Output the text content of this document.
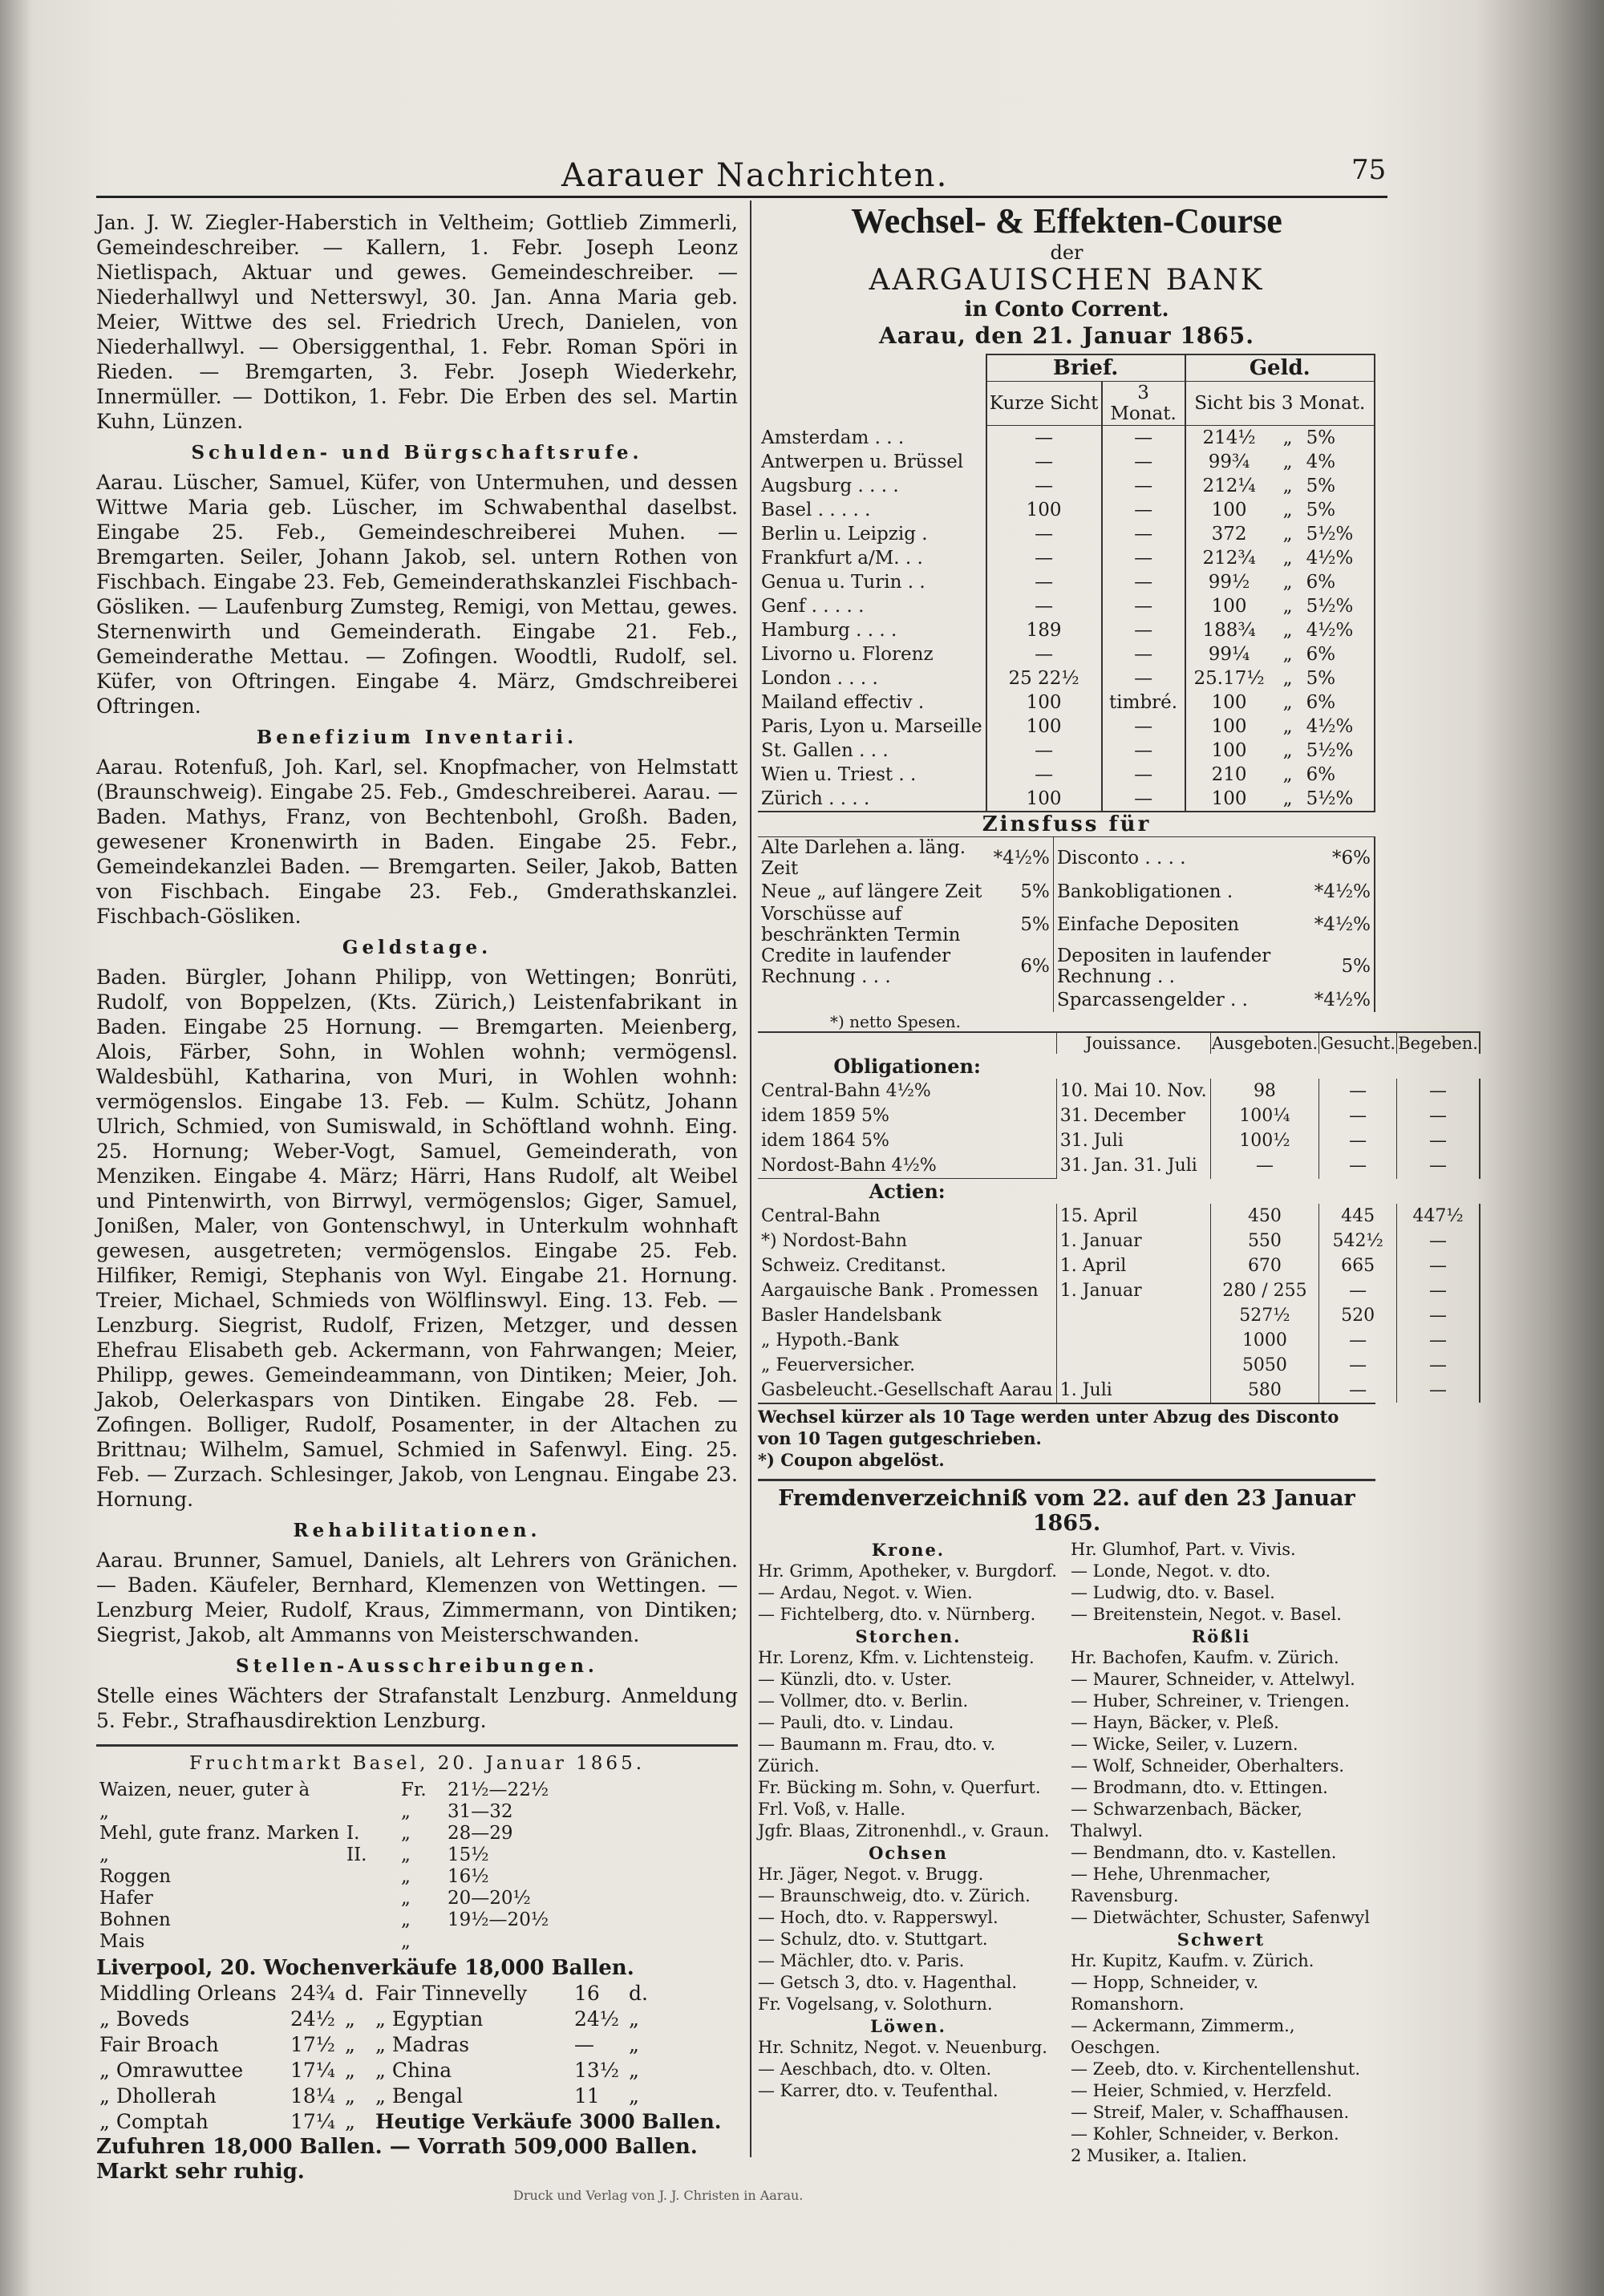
Aarauer Nachrichten.	75

Jan. J. W. Ziegler-Haberstich in Veltheim; Gottlieb Zimmerli, Gemeindeschreiber. — Kallern, 1. Febr. Joseph Leonz Nietlispach, Aktuar und gewes. Gemeindeschreiber. — Niederhallwyl und Netterswyl, 30. Jan. Anna Maria geb. Meier, Wittwe des sel. Friedrich Urech, Danielen, von Niederhallwyl. — Obersiggenthal, 1. Febr. Roman Spöri in Rieden. — Bremgarten, 3. Febr. Joseph Wiederkehr, Innermüller. — Dottikon, 1. Febr. Die Erben des sel. Martin Kuhn, Lünzen.

Schulden- und Bürgschaftsrufe.

Aarau. Lüscher, Samuel, Küfer, von Untermuhen, und dessen Wittwe Maria geb. Lüscher, im Schwabenthal daselbst. Eingabe 25. Feb., Gemeindeschreiberei Muhen. — Bremgarten. Seiler, Johann Jakob, sel. untern Rothen von Fischbach. Eingabe 23. Feb, Gemeinderathskanzlei Fischbach-Gösliken. — Laufenburg Zumsteg, Remigi, von Mettau, gewes. Sternenwirth und Gemeinderath. Eingabe 21. Feb., Gemeinderathe Mettau. — Zofingen. Woodtli, Rudolf, sel. Küfer, von Oftringen. Eingabe 4. März, Gmdschreiberei Oftringen.

Benefizium Inventarii.

Aarau. Rotenfuß, Joh. Karl, sel. Knopfmacher, von Helmstatt (Braunschweig). Eingabe 25. Feb., Gmdeschreiberei. Aarau. — Baden. Mathys, Franz, von Bechtenbohl, Großh. Baden, gewesener Kronenwirth in Baden. Eingabe 25. Febr., Gemeindekanzlei Baden. — Bremgarten. Seiler, Jakob, Batten von Fischbach. Eingabe 23. Feb., Gmderathskanzlei. Fischbach-Gösliken.

Geldstage.

Baden. Bürgler, Johann Philipp, von Wettingen; Bonrüti, Rudolf, von Boppelzen, (Kts. Zürich,) Leistenfabrikant in Baden. Eingabe 25 Hornung. — Bremgarten. Meienberg, Alois, Färber, Sohn, in Wohlen wohnh; vermögensl. Waldesbühl, Katharina, von Muri, in Wohlen wohnh: vermögenslos. Eingabe 13. Feb. — Kulm. Schütz, Johann Ulrich, Schmied, von Sumiswald, in Schöftland wohnh. Eing. 25. Hornung; Weber-Vogt, Samuel, Gemeinderath, von Menziken. Eingabe 4. März; Härri, Hans Rudolf, alt Weibel und Pintenwirth, von Birrwyl, vermögenslos; Giger, Samuel, Jonißen, Maler, von Gontenschwyl, in Unterkulm wohnhaft gewesen, ausgetreten; vermögenslos. Eingabe 25. Feb. Hilfiker, Remigi, Stephanis von Wyl. Eingabe 21. Hornung. Treier, Michael, Schmieds von Wölflinswyl. Eing. 13. Feb. — Lenzburg. Siegrist, Rudolf, Frizen, Metzger, und dessen Ehefrau Elisabeth geb. Ackermann, von Fahrwangen; Meier, Philipp, gewes. Gemeindeammann, von Dintiken; Meier, Joh. Jakob, Oelerkaspars von Dintiken. Eingabe 28. Feb. — Zofingen. Bolliger, Rudolf, Posamenter, in der Altachen zu Brittnau; Wilhelm, Samuel, Schmied in Safenwyl. Eing. 25. Feb. — Zurzach. Schlesinger, Jakob, von Lengnau. Eingabe 23. Hornung.

Rehabilitationen.

Aarau. Brunner, Samuel, Daniels, alt Lehrers von Gränichen. — Baden. Käufeler, Bernhard, Klemenzen von Wettingen. — Lenzburg Meier, Rudolf, Kraus, Zimmermann, von Dintiken; Siegrist, Jakob, alt Ammanns von Meisterschwanden.

Stellen-Ausschreibungen.

Stelle eines Wächters der Strafanstalt Lenzburg. Anmeldung 5. Febr., Strafhausdirektion Lenzburg.

Fruchtmarkt Basel, 20. Januar 1865.
Waizen, neuer, guter à		Fr.	21½—22½
„		„	31—32
Mehl, gute franz. Marken	I.	„	28—29
„	II.	„	15½
Roggen		„	16½
Hafer		„	20—20½
Bohnen		„	19½—20½
Mais		„	
Liverpool, 20. Wochenverkäufe 18,000 Ballen.
Middling Orleans	24¾	d.	Fair Tinnevelly	16	d.
„ Boveds	24½	„	„ Egyptian	24½	„
Fair Broach	17½	„	„ Madras	—	„
„ Omrawuttee	17¼	„	„ China	13½	„
„ Dhollerah	18¼	„	„ Bengal	11	„
„ Comptah	17¼	„	Heutige Verkäufe 3000 Ballen.		
Zufuhren 18,000 Ballen. — Vorrath 509,000 Ballen.
Markt sehr ruhig.
Wechsel- & Effekten-Course
der
AARGAUISCHEN BANK
in Conto Corrent.
Aarau, den 21. Januar 1865.
	Brief.		Geld.		
	Kurze Sicht	3 Monat.	Sicht bis 3 Monat.		
Amsterdam . . .	—	—	214½	„	5%
Antwerpen u. Brüssel	—	—	99¾	„	4%
Augsburg . . . .	—	—	212¼	„	5%
Basel . . . . .	100	—	100	„	5%
Berlin u. Leipzig .	—	—	372	„	5½%
Frankfurt a/M. . .	—	—	212¾	„	4½%
Genua u. Turin . .	—	—	99½	„	6%
Genf . . . . .	—	—	100	„	5½%
Hamburg . . . .	189	—	188¾	„	4½%
Livorno u. Florenz	—	—	99¼	„	6%
London . . . .	25 22½	—	25.17½	„	5%
Mailand effectiv .	100	timbré.	100	„	6%
Paris, Lyon u. Marseille	100	—	100	„	4½%
St. Gallen . . .	—	—	100	„	5½%
Wien u. Triest . .	—	—	210	„	6%
Zürich . . . .	100	—	100	„	5½%
Zinsfuss für
Alte Darlehen a. läng. Zeit	*4½%	Disconto . . . .	*6%
Neue „ auf längere Zeit	5%	Bankobligationen .	*4½%
Vorschüsse auf beschränkten Termin	5%	Einfache Depositen	*4½%
Credite in laufender Rechnung . . .	6%	Depositen in laufender Rechnung . .	5%
		Sparcassengelder . .	*4½%
*) netto Spesen.
	Jouissance.	Ausgeboten.	Gesucht.	Begeben.
Obligationen:				
Central-Bahn 4½%	10. Mai 10. Nov.	98	—	—
idem 1859 5%	31. December	100¼	—	—
idem 1864 5%	31. Juli	100½	—	—
Nordost-Bahn 4½%	31. Jan. 31. Juli	—	—	—
Actien:				
Central-Bahn	15. April	450	445	447½
*) Nordost-Bahn	1. Januar	550	542½	—
Schweiz. Creditanst.	1. April	670	665	—
Aargauische Bank . Promessen	1. Januar	280 / 255	—	—
Basler Handelsbank		527½	520	—
„ Hypoth.-Bank		1000	—	—
„ Feuerversicher.		5050	—	—
Gasbeleucht.-Gesellschaft Aarau	1. Juli	580	—	—
Wechsel kürzer als 10 Tage werden unter Abzug des Disconto von 10 Tagen gutgeschrieben.
*) Coupon abgelöst.
Fremdenverzeichniß vom 22. auf den 23 Januar 1865.
Krone.
Hr. Grimm, Apotheker, v. Burgdorf.
— Ardau, Negot. v. Wien.
— Fichtelberg, dto. v. Nürnberg.
Storchen.
Hr. Lorenz, Kfm. v. Lichtensteig.
— Künzli, dto. v. Uster.
— Vollmer, dto. v. Berlin.
— Pauli, dto. v. Lindau.
— Baumann m. Frau, dto. v. Zürich.
Fr. Bücking m. Sohn, v. Querfurt.
Frl. Voß, v. Halle.
Jgfr. Blaas, Zitronenhdl., v. Graun.
Ochsen
Hr. Jäger, Negot. v. Brugg.
— Braunschweig, dto. v. Zürich.
— Hoch, dto. v. Rapperswyl.
— Schulz, dto. v. Stuttgart.
— Mächler, dto. v. Paris.
— Getsch 3, dto. v. Hagenthal.
Fr. Vogelsang, v. Solothurn.
Löwen.
Hr. Schnitz, Negot. v. Neuenburg.
— Aeschbach, dto. v. Olten.
— Karrer, dto. v. Teufenthal.
Hr. Glumhof, Part. v. Vivis.
— Londe, Negot. v. dto.
— Ludwig, dto. v. Basel.
— Breitenstein, Negot. v. Basel.
Rößli
Hr. Bachofen, Kaufm. v. Zürich.
— Maurer, Schneider, v. Attelwyl.
— Huber, Schreiner, v. Triengen.
— Hayn, Bäcker, v. Pleß.
— Wicke, Seiler, v. Luzern.
— Wolf, Schneider, Oberhalters.
— Brodmann, dto. v. Ettingen.
— Schwarzenbach, Bäcker, Thalwyl.
— Bendmann, dto. v. Kastellen.
— Hehe, Uhrenmacher, Ravensburg.
— Dietwächter, Schuster, Safenwyl
Schwert
Hr. Kupitz, Kaufm. v. Zürich.
— Hopp, Schneider, v. Romanshorn.
— Ackermann, Zimmerm., Oeschgen.
— Zeeb, dto. v. Kirchentellenshut.
— Heier, Schmied, v. Herzfeld.
— Streif, Maler, v. Schaffhausen.
— Kohler, Schneider, v. Berkon.
2 Musiker, a. Italien.
Druck und Verlag von J. J. Christen in Aarau.
